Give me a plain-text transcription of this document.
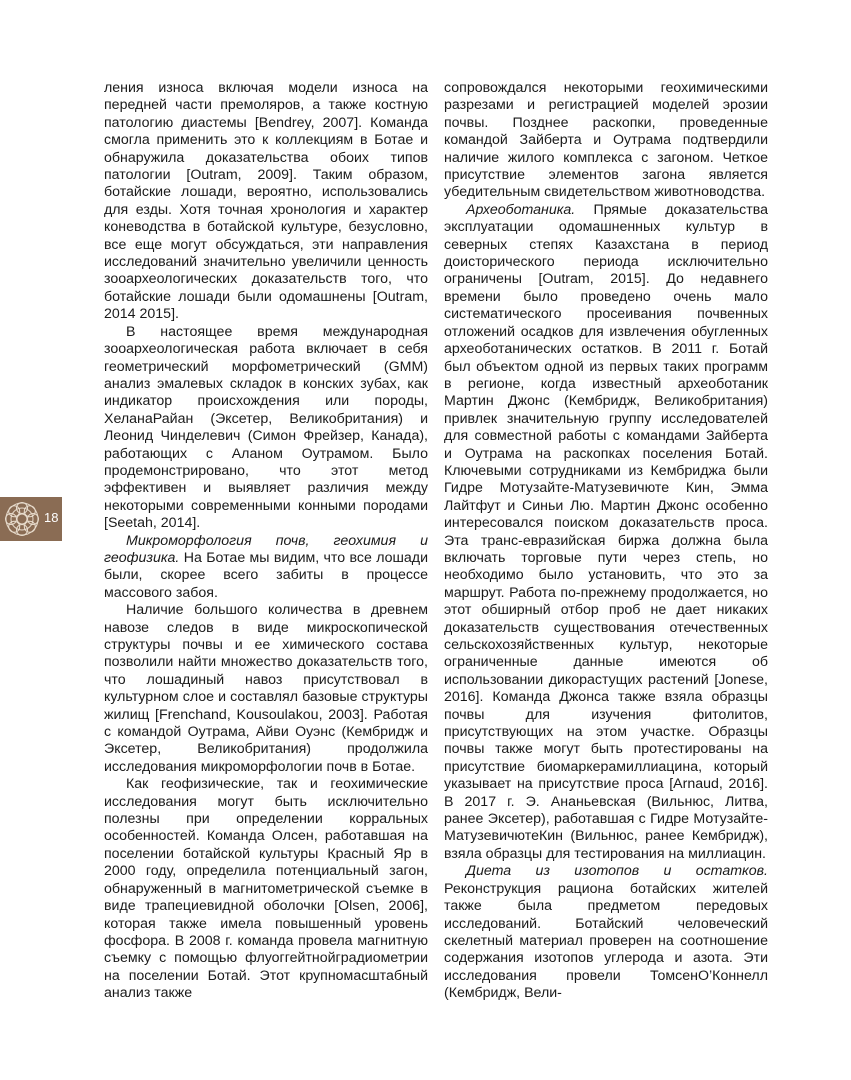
ления износа включая модели износа на передней части премоляров, а также костную патологию диастемы [Bendrey, 2007]. Команда смогла применить это к коллекциям в Ботае и обнаружила доказательства обоих типов патологии [Outram, 2009]. Таким образом, ботайские лошади, вероятно, использовались для езды. Хотя точная хронология и характер коневодства в ботайской культуре, безусловно, все еще могут обсуждаться, эти направления исследований значительно увеличили ценность зооархеологических доказательств того, что ботайские лошади были одомашнены [Outram, 2014 2015].

В настоящее время международная зооархеологическая работа включает в себя геометрический морфометрический (GMM) анализ эмалевых складок в конских зубах, как индикатор происхождения или породы, ХеланаРайан (Эксетер, Великобритания) и Леонид Чинделевич (Симон Фрейзер, Канада), работающих с Аланом Оутрамом. Было продемонстрировано, что этот метод эффективен и выявляет различия между некоторыми современными конными породами [Seetah, 2014].

Микроморфология почв, геохимия и геофизика. На Ботае мы видим, что все лошади были, скорее всего забиты в процессе массового забоя.

Наличие большого количества в древнем навозе следов в виде микроскопической структуры почвы и ее химического состава позволили найти множество доказательств того, что лошадиный навоз присутствовал в культурном слое и составлял базовые структуры жилищ [Frenchand, Kousoulakou, 2003]. Работая с командой Оутрама, Айви Оуэнс (Кембридж и Эксетер, Великобритания) продолжила исследования микроморфологии почв в Ботае.

Как геофизические, так и геохимические исследования могут быть исключительно полезны при определении корральных особенностей. Команда Олсен, работавшая на поселении ботайской культуры Красный Яр в 2000 году, определила потенциальный загон, обнаруженный в магнитометрической съемке в виде трапециевидной оболочки [Olsen, 2006], которая также имела повышенный уровень фосфора. В 2008 г. команда провела магнитную съемку с помощью флуоггейтнойградиометрии на поселении Ботай. Этот крупномасштабный анализ также

сопровождался некоторыми геохимическими разрезами и регистрацией моделей эрозии почвы. Позднее раскопки, проведенные командой Зайберта и Оутрама подтвердили наличие жилого комплекса с загоном. Четкое присутствие элементов загона является убедительным свидетельством животноводства.

Археоботаника. Прямые доказательства эксплуатации одомашненных культур в северных степях Казахстана в период доисторического периода исключительно ограничены [Outram, 2015]. До недавнего времени было проведено очень мало систематического просеивания почвенных отложений осадков для извлечения обугленных археоботанических остатков. В 2011 г. Ботай был объектом одной из первых таких программ в регионе, когда известный археоботаник Мартин Джонс (Кембридж, Великобритания) привлек значительную группу исследователей для совместной работы с командами Зайберта и Оутрама на раскопках поселения Ботай. Ключевыми сотрудниками из Кембриджа были Гидре Мотузайте-Матузевичюте Кин, Эмма Лайтфут и Синьи Лю. Мартин Джонс особенно интересовался поиском доказательств проса. Эта транс-евразийская биржа должна была включать торговые пути через степь, но необходимо было установить, что это за маршрут. Работа по-прежнему продолжается, но этот обширный отбор проб не дает никаких доказательств существования отечественных сельскохозяйственных культур, некоторые ограниченные данные имеются об использовании дикорастущих растений [Jonese, 2016]. Команда Джонса также взяла образцы почвы для изучения фитолитов, присутствующих на этом участке. Образцы почвы также могут быть протестированы на присутствие биомаркерамиллиацина, который указывает на присутствие проса [Arnaud, 2016]. В 2017 г. Э. Ананьевская (Вильнюс, Литва, ранее Эксетер), работавшая с Гидре Мотузайте-МатузевичютеКин (Вильнюс, ранее Кембридж), взяла образцы для тестирования на миллиацин.

Диета из изотопов и остатков. Реконструкция рациона ботайских жителей также была предметом передовых исследований. Ботайский человеческий скелетный материал проверен на соотношение содержания изотопов углерода и азота. Эти исследования провели ТомсенО’Коннелл (Кембридж, Вели-

18
